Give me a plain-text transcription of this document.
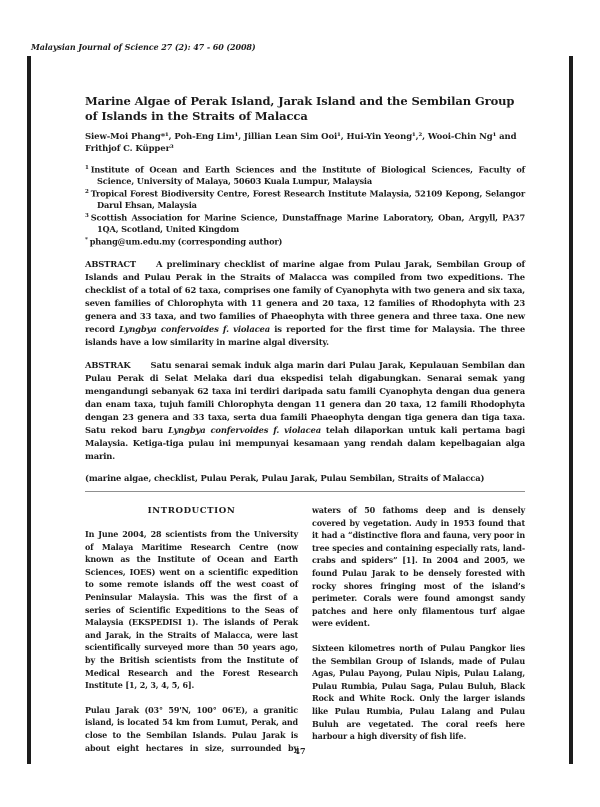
Malaysian Journal of Science 27 (2): 47 - 60 (2008)
Marine Algae of Perak Island, Jarak Island and the Sembilan Group of Islands in the Straits of Malacca
Siew-Moi Phang*¹, Poh-Eng Lim¹, Jillian Lean Sim Ooi¹, Hui-Yin Yeong¹,², Wooi-Chin Ng¹ and Frithjof C. Küpper³

$^1$ Institute of Ocean and Earth Sciences and the Institute of Biological Sciences, Faculty of Science, University of Malaya, 50603 Kuala Lumpur, Malaysia

$^2$ Tropical Forest Biodiversity Centre, Forest Research Institute Malaysia, 52109 Kepong, Selangor Darul Ehsan, Malaysia

$^3$ Scottish Association for Marine Science, Dunstaffnage Marine Laboratory, Oban, Argyll, PA37 1QA, Scotland, United Kingdom

* phang@um.edu.my (corresponding author)

ABSTRACT A preliminary checklist of marine algae from Pulau Jarak, Sembilan Group of Islands and Pulau Perak in the Straits of Malacca was compiled from two expeditions. The checklist of a total of 62 taxa, comprises one family of Cyanophyta with two genera and six taxa, seven families of Chlorophyta with 11 genera and 20 taxa, 12 families of Rhodophyta with 23 genera and 33 taxa, and two families of Phaeophyta with three genera and three taxa. One new record Lyngbya confervoides f. violacea is reported for the first time for Malaysia. The three islands have a low similarity in marine algal diversity.

ABSTRAK Satu senarai semak induk alga marin dari Pulau Jarak, Kepulauan Sembilan dan Pulau Perak di Selat Melaka dari dua ekspedisi telah digabungkan. Senarai semak yang mengandungi sebanyak 62 taxa ini terdiri daripada satu famili Cyanophyta dengan dua genera dan enam taxa, tujuh famili Chlorophyta dengan 11 genera dan 20 taxa, 12 famili Rhodophyta dengan 23 genera and 33 taxa, serta dua famili Phaeophyta dengan tiga genera dan tiga taxa. Satu rekod baru Lyngbya confervoides f. violacea telah dilaporkan untuk kali pertama bagi Malaysia. Ketiga-tiga pulau ini mempunyai kesamaan yang rendah dalam kepelbagaian alga marin.

(marine algae, checklist, Pulau Perak, Pulau Jarak, Pulau Sembilan, Straits of Malacca)
INTRODUCTION

In June 2004, 28 scientists from the University of Malaya Maritime Research Centre (now known as the Institute of Ocean and Earth Sciences, IOES) went on a scientific expedition to some remote islands off the west coast of Peninsular Malaysia. This was the first of a series of Scientific Expeditions to the Seas of Malaysia (EKSPEDISI 1). The islands of Perak and Jarak, in the Straits of Malacca, were last scientifically surveyed more than 50 years ago, by the British scientists from the Institute of Medical Research and the Forest Research Institute [1, 2, 3, 4, 5, 6].

Pulau Jarak (03° 59'N, 100° 06'E), a granitic island, is located 54 km from Lumut, Perak, and close to the Sembilan Islands. Pulau Jarak is about eight hectares in size, surrounded by waters of 50 fathoms deep and is densely covered by vegetation. Audy in 1953 found that it had a “distinctive flora and fauna, very poor in tree species and containing especially rats, land-crabs and spiders” [1]. In 2004 and 2005, we found Pulau Jarak to be densely forested with rocky shores fringing most of the island’s perimeter. Corals were found amongst sandy patches and here only filamentous turf algae were evident.

Sixteen kilometres north of Pulau Pangkor lies the Sembilan Group of Islands, made of Pulau Agas, Pulau Payong, Pulau Nipis, Pulau Lalang, Pulau Rumbia, Pulau Saga, Pulau Buluh, Black Rock and White Rock. Only the larger islands like Pulau Rumbia, Pulau Lalang and Pulau Buluh are vegetated. The coral reefs here harbour a high diversity of fish life.

47
